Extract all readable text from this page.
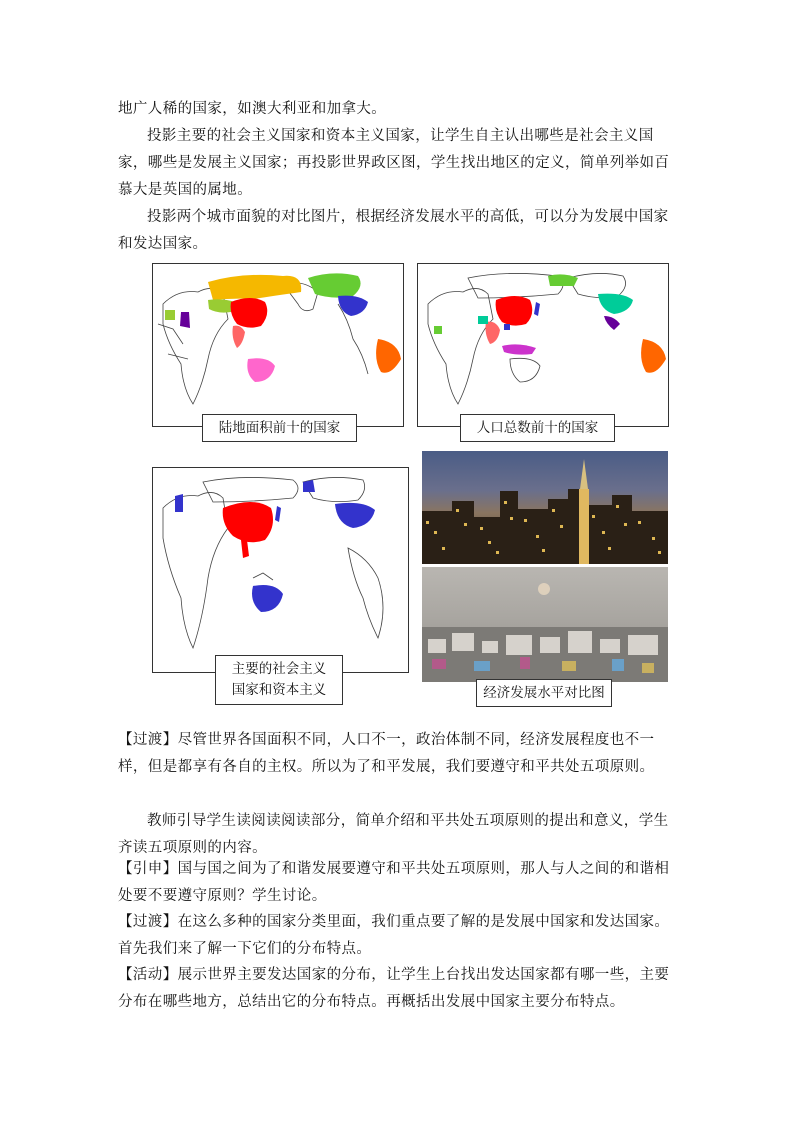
地广人稀的国家，如澳大利亚和加拿大。
投影主要的社会主义国家和资本主义国家，让学生自主认出哪些是社会主义国家，哪些是发展主义国家；再投影世界政区图，学生找出地区的定义，简单列举如百慕大是英国的属地。
投影两个城市面貌的对比图片，根据经济发展水平的高低，可以分为发展中国家和发达国家。
陆地面积前十的国家	人口总数前十的国家
主要的社会主义
国家和资本主义	经济发展水平对比图
【过渡】尽管世界各国面积不同，人口不一，政治体制不同，经济发展程度也不一样，但是都享有各自的主权。所以为了和平发展，我们要遵守和平共处五项原则。
教师引导学生读阅读阅读部分，简单介绍和平共处五项原则的提出和意义，学生齐读五项原则的内容。
【引申】国与国之间为了和谐发展要遵守和平共处五项原则，那人与人之间的和谐相处要不要遵守原则？学生讨论。
【过渡】在这么多种的国家分类里面，我们重点要了解的是发展中国家和发达国家。首先我们来了解一下它们的分布特点。
【活动】展示世界主要发达国家的分布，让学生上台找出发达国家都有哪一些，主要分布在哪些地方，总结出它的分布特点。再概括出发展中国家主要分布特点。
